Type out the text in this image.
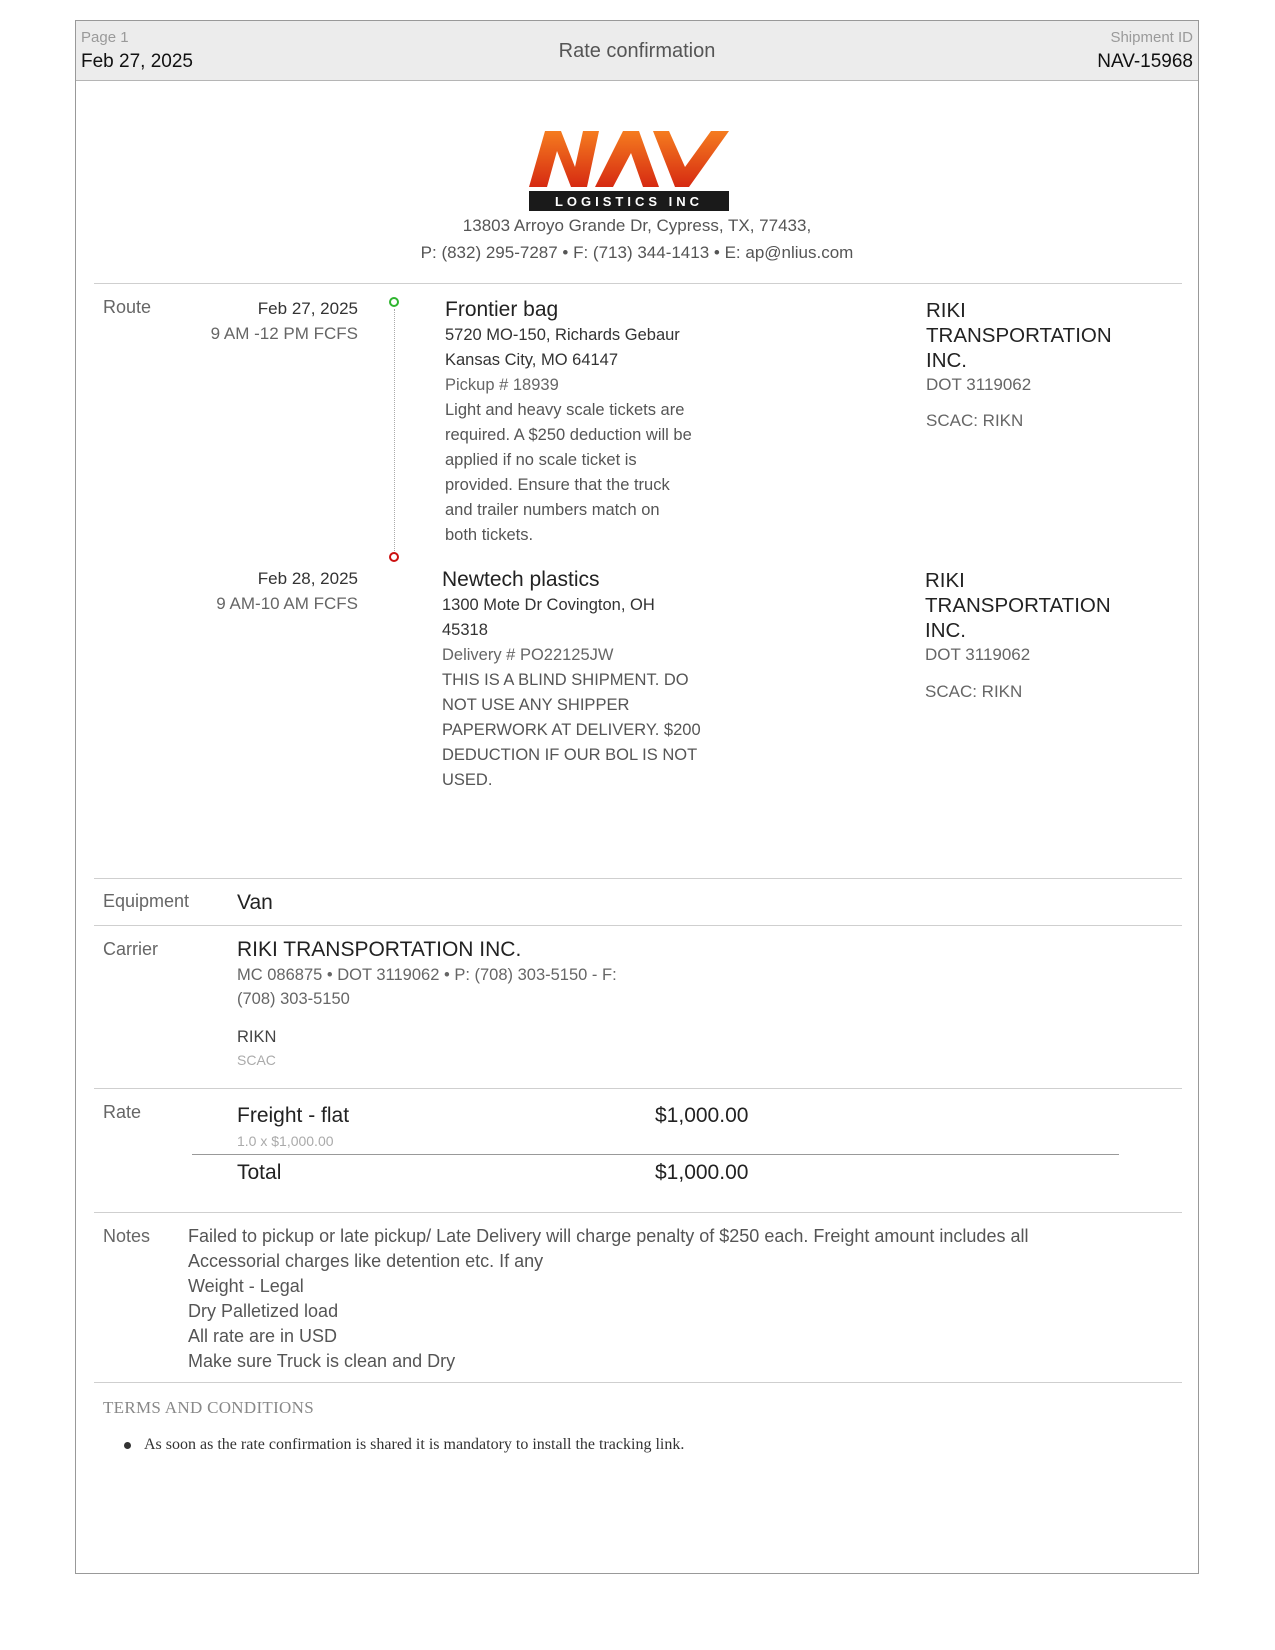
Page 1
Feb 27, 2025	Rate confirmation
Shipment ID
NAV-15968
LOGISTICS INC
13803 Arroyo Grande Dr, Cypress, TX, 77433,
P: (832) 295-7287 • F: (713) 344-1413 • E: ap@nlius.com
Route	Feb 27, 2025
9 AM -12 PM FCFS
Frontier bag
5720 MO-150, Richards Gebaur
Kansas City, MO 64147
Pickup # 18939
Light and heavy scale tickets are
required. A $250 deduction will be
applied if no scale ticket is
provided. Ensure that the truck
and trailer numbers match on
both tickets.
RIKI
TRANSPORTATION
INC.
DOT 3119062
SCAC: RIKN
Feb 28, 2025
9 AM-10 AM FCFS
Newtech plastics
1300 Mote Dr Covington, OH
45318
Delivery # PO22125JW
THIS IS A BLIND SHIPMENT. DO
NOT USE ANY SHIPPER
PAPERWORK AT DELIVERY. $200
DEDUCTION IF OUR BOL IS NOT
USED.
RIKI
TRANSPORTATION
INC.
DOT 3119062
SCAC: RIKN
Equipment Van
Carrier	RIKI TRANSPORTATION INC.
MC 086875 • DOT 3119062 • P: (708) 303-5150 - F:
(708) 303-5150
RIKN
SCAC
Rate	Freight - flat
1.0 x $1,000.00
$1,000.00
Total	$1,000.00
Notes Failed to pickup or late pickup/ Late Delivery will charge penalty of $250 each. Freight amount includes all
Accessorial charges like detention etc. If any
Weight - Legal
Dry Palletized load
All rate are in USD
Make sure Truck is clean and Dry
TERMS AND CONDITIONS
As soon as the rate confirmation is shared it is mandatory to install the tracking link.
